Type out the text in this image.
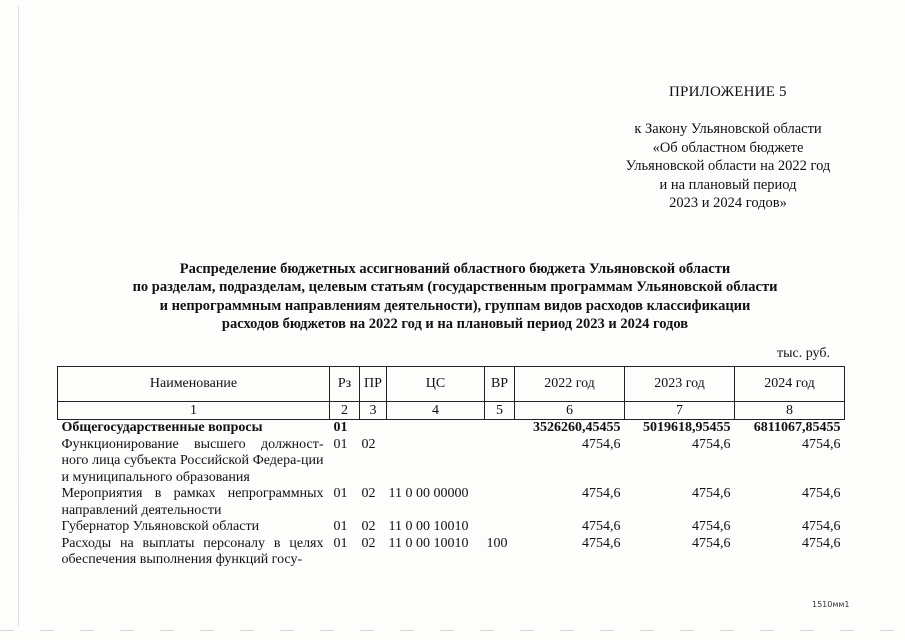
ПРИЛОЖЕНИЕ 5
к Закону Ульяновской области
«Об областном бюджете
Ульяновской области на 2022 год
и на плановый период
2023 и 2024 годов»
Распределение бюджетных ассигнований областного бюджета Ульяновской области
по разделам, подразделам, целевым статьям (государственным программам Ульяновской области
и непрограммным направлениям деятельности), группам видов расходов классификации
расходов бюджетов на 2022 год и на плановый период 2023 и 2024 годов
тыс. руб.
Наименование	Рз	ПР	ЦС	ВР	2022 год	2023 год	2024 год
1	2	3	4	5	6	7	8
Общегосударственные вопросы	01				3526260,45455	5019618,95455	6811067,85455
Функционирование высшего должност-ного лица субъекта Российской Федера-ции и муниципального образования	01	02			4754,6	4754,6	4754,6
Мероприятия в рамках непрограммных направлений деятельности	01	02	11 0 00 00000		4754,6	4754,6	4754,6
Губернатор Ульяновской области	01	02	11 0 00 10010		4754,6	4754,6	4754,6
Расходы на выплаты персоналу в целях обеспечения выполнения функций госу-	01	02	11 0 00 10010	100	4754,6	4754,6	4754,6
1510мм1
